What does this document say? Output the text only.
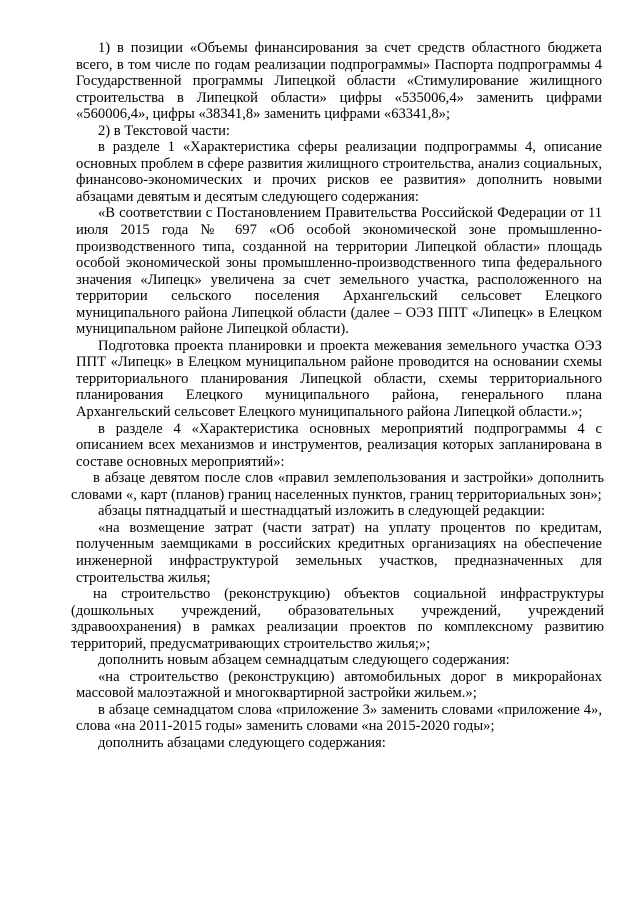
1) в позиции «Объемы финансирования за счет средств областного бюджета всего, в том числе по годам реализации подпрограммы» Паспорта подпрограммы 4 Государственной программы Липецкой области «Стимулирование жилищного строительства в Липецкой области» цифры «535006,4» заменить цифрами «560006,4», цифры «38341,8» заменить цифрами «63341,8»;

2) в Текстовой части:

в разделе 1 «Характеристика сферы реализации подпрограммы 4, описание основных проблем в сфере развития жилищного строительства, анализ социальных, финансово-экономических и прочих рисков ее развития» дополнить новыми абзацами девятым и десятым следующего содержания:

«В соответствии с Постановлением Правительства Российской Федерации от 11 июля 2015 года № 697 «Об особой экономической зоне промышленно-производственного типа, созданной на территории Липецкой области» площадь особой экономической зоны промышленно-производственного типа федерального значения «Липецк» увеличена за счет земельного участка, расположенного на территории сельского поселения Архангельский сельсовет Елецкого муниципального района Липецкой области (далее – ОЭЗ ППТ «Липецк» в Елецком муниципальном районе Липецкой области).

Подготовка проекта планировки и проекта межевания земельного участка ОЭЗ ППТ «Липецк» в Елецком муниципальном районе проводится на основании схемы территориального планирования Липецкой области, схемы территориального планирования Елецкого муниципального района, генерального плана Архангельский сельсовет Елецкого муниципального района Липецкой области.»;

в разделе 4 «Характеристика основных мероприятий подпрограммы 4 с описанием всех механизмов и инструментов, реализация которых запланирована в составе основных мероприятий»:

в абзаце девятом после слов «правил землепользования и застройки» дополнить словами «, карт (планов) границ населенных пунктов, границ территориальных зон»;

абзацы пятнадцатый и шестнадцатый изложить в следующей редакции:

«на возмещение затрат (части затрат) на уплату процентов по кредитам, полученным заемщиками в российских кредитных организациях на обеспечение инженерной инфраструктурой земельных участков, предназначенных для строительства жилья;

на строительство (реконструкцию) объектов социальной инфраструктуры (дошкольных учреждений, образовательных учреждений, учреждений здравоохранения) в рамках реализации проектов по комплексному развитию территорий, предусматривающих строительство жилья;»;

дополнить новым абзацем семнадцатым следующего содержания:

«на строительство (реконструкцию) автомобильных дорог в микрорайонах массовой малоэтажной и многоквартирной застройки жильем.»;

в абзаце семнадцатом слова «приложение 3» заменить словами «приложение 4», слова «на 2011-2015 годы» заменить словами «на 2015-2020 годы»;

дополнить абзацами следующего содержания:
